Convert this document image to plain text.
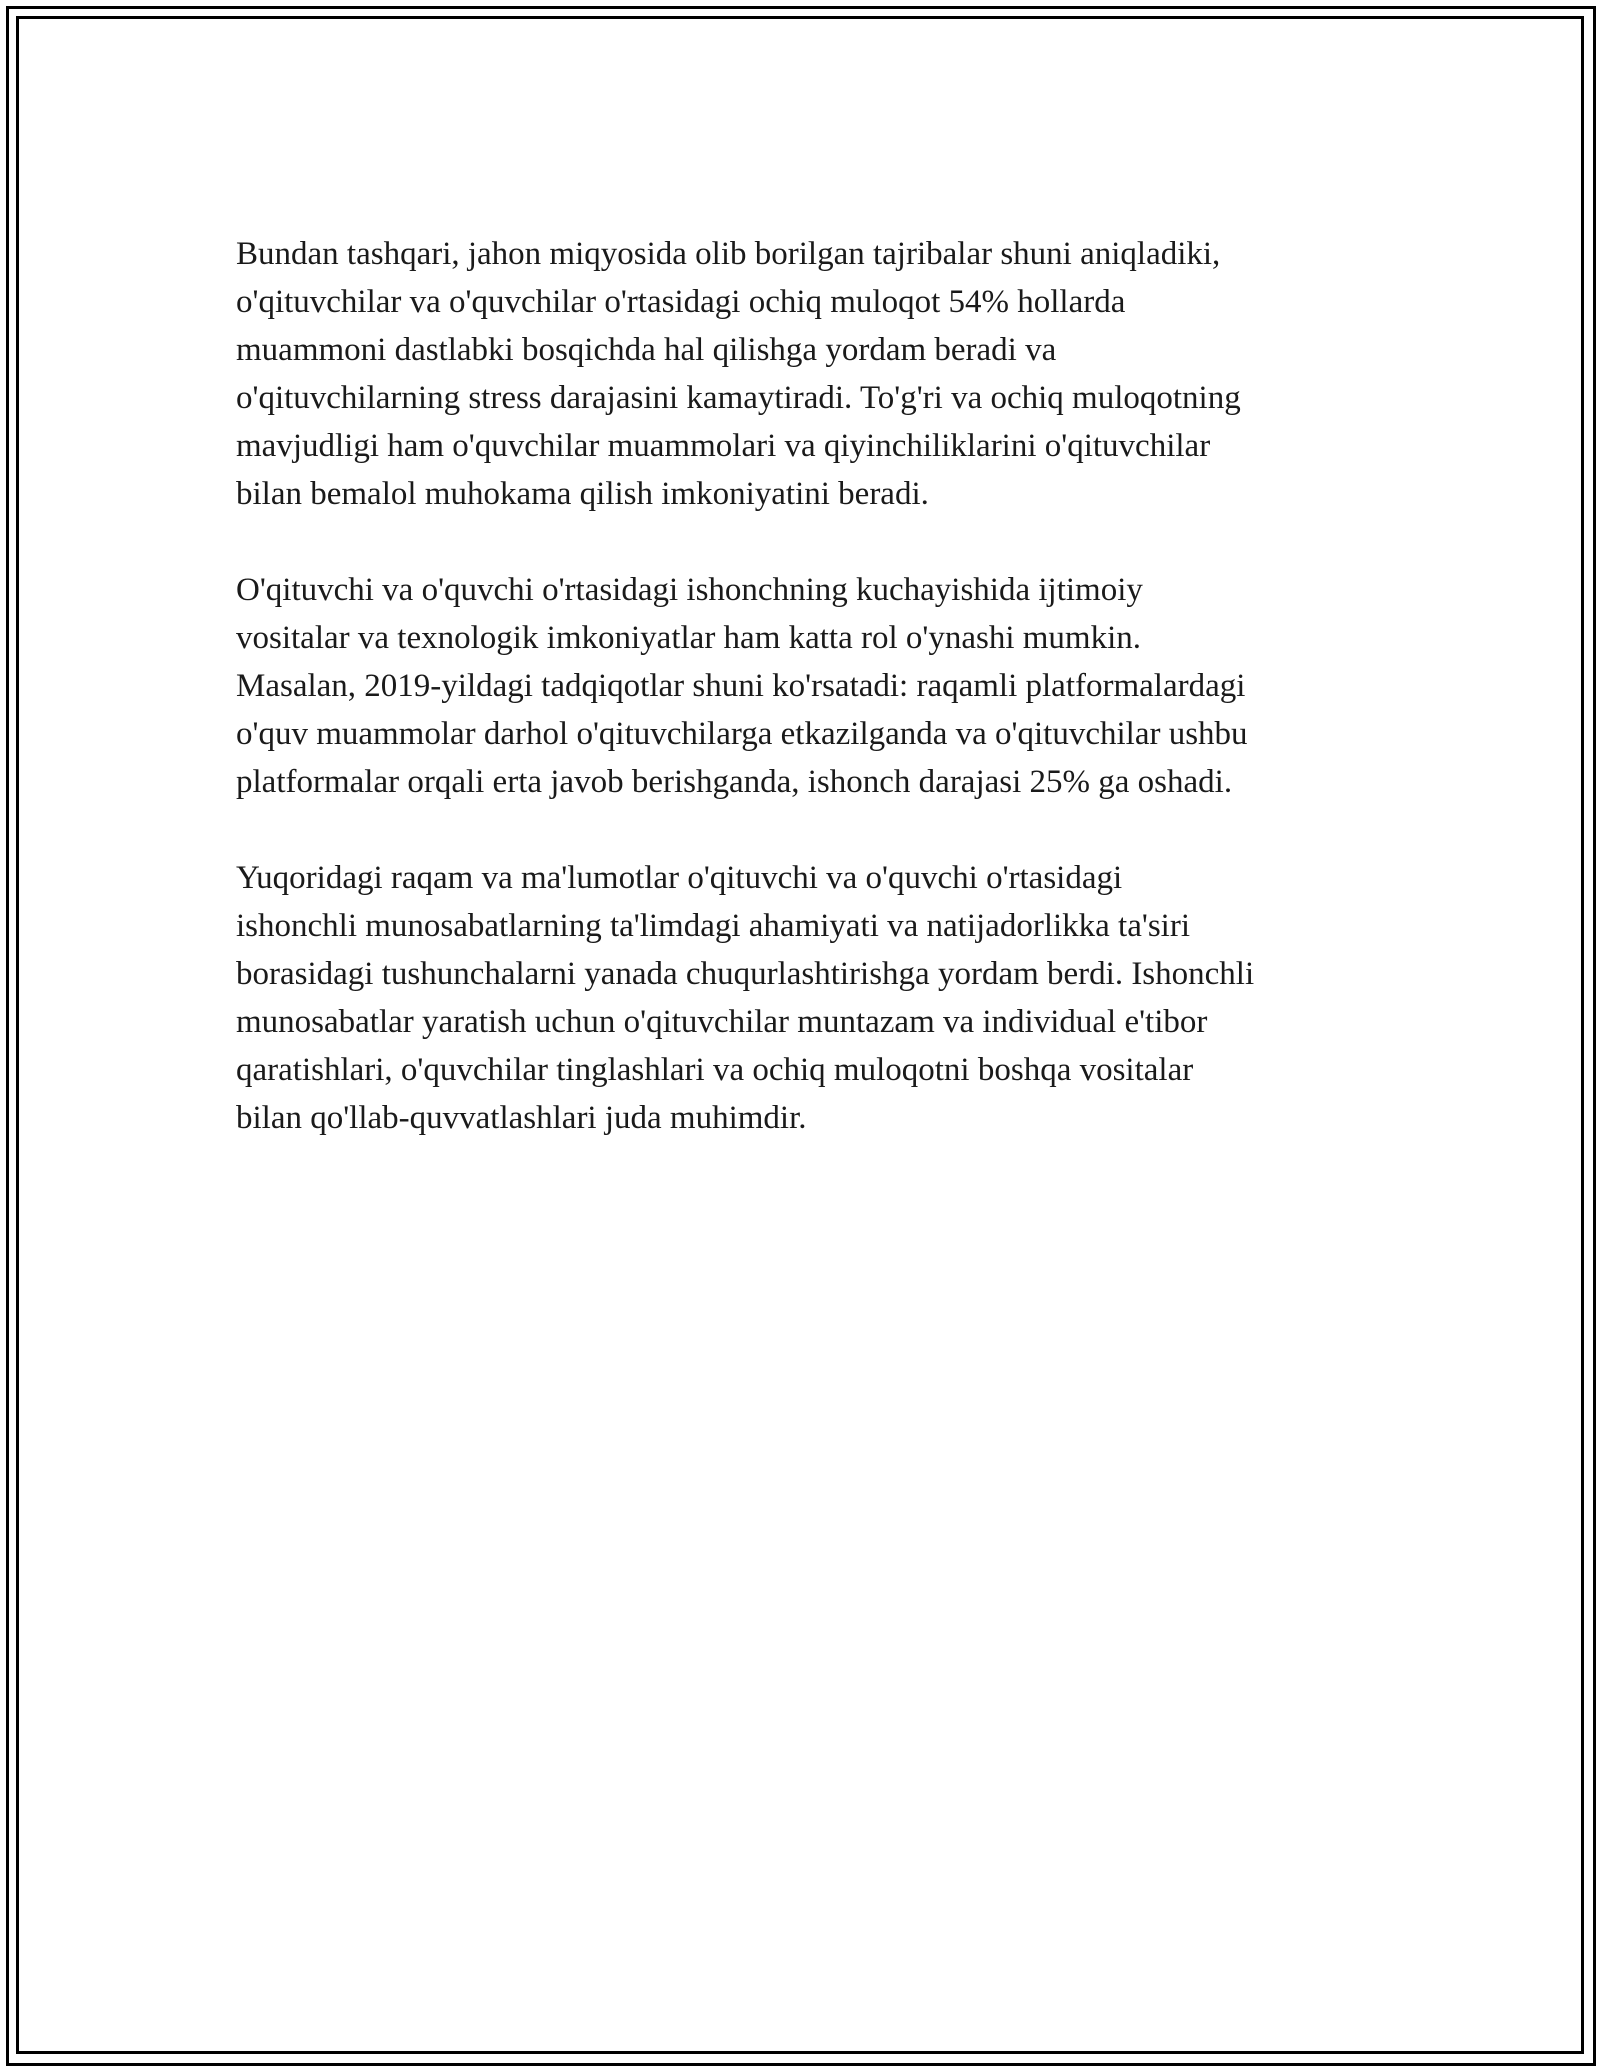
Bundan tashqari, jahon miqyosida olib borilgan tajribalar shuni aniqladiki,
o'qituvchilar va o'quvchilar o'rtasidagi ochiq muloqot 54% hollarda
muammoni dastlabki bosqichda hal qilishga yordam beradi va
o'qituvchilarning stress darajasini kamaytiradi. To'g'ri va ochiq muloqotning
mavjudligi ham o'quvchilar muammolari va qiyinchiliklarini o'qituvchilar
bilan bemalol muhokama qilish imkoniyatini beradi.

O'qituvchi va o'quvchi o'rtasidagi ishonchning kuchayishida ijtimoiy
vositalar va texnologik imkoniyatlar ham katta rol o'ynashi mumkin.
Masalan, 2019-yildagi tadqiqotlar shuni ko'rsatadi: raqamli platformalardagi
o'quv muammolar darhol o'qituvchilarga etkazilganda va o'qituvchilar ushbu
platformalar orqali erta javob berishganda, ishonch darajasi 25% ga oshadi.

Yuqoridagi raqam va ma'lumotlar o'qituvchi va o'quvchi o'rtasidagi
ishonchli munosabatlarning ta'limdagi ahamiyati va natijadorlikka ta'siri
borasidagi tushunchalarni yanada chuqurlashtirishga yordam berdi. Ishonchli
munosabatlar yaratish uchun o'qituvchilar muntazam va individual e'tibor
qaratishlari, o'quvchilar tinglashlari va ochiq muloqotni boshqa vositalar
bilan qo'llab-quvvatlashlari juda muhimdir.
